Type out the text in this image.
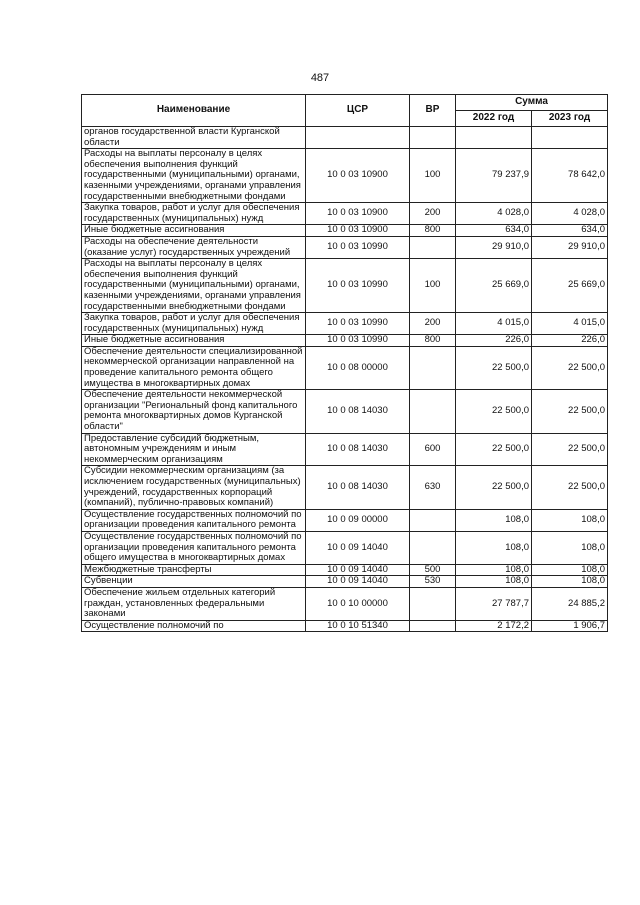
487
Наименование	ЦСР	ВР	Сумма	
			2022 год	2023 год
органов государственной власти Курганской области				
Расходы на выплаты персоналу в целях обеспечения выполнения функций государственными (муниципальными) органами, казенными учреждениями, органами управления государственными внебюджетными фондами	10 0 03 10900	100	79 237,9	78 642,0
Закупка товаров, работ и услуг для обеспечения государственных (муниципальных) нужд	10 0 03 10900	200	4 028,0	4 028,0
Иные бюджетные ассигнования	10 0 03 10900	800	634,0	634,0
Расходы на обеспечение деятельности (оказание услуг) государственных учреждений	10 0 03 10990		29 910,0	29 910,0
Расходы на выплаты персоналу в целях обеспечения выполнения функций государственными (муниципальными) органами, казенными учреждениями, органами управления государственными внебюджетными фондами	10 0 03 10990	100	25 669,0	25 669,0
Закупка товаров, работ и услуг для обеспечения государственных (муниципальных) нужд	10 0 03 10990	200	4 015,0	4 015,0
Иные бюджетные ассигнования	10 0 03 10990	800	226,0	226,0
Обеспечение деятельности специализированной некоммерческой организации направленной на проведение капитального ремонта общего имущества в многоквартирных домах	10 0 08 00000		22 500,0	22 500,0
Обеспечение деятельности некоммерческой организации "Региональный фонд капитального ремонта многоквартирных домов Курганской области"	10 0 08 14030		22 500,0	22 500,0
Предоставление субсидий бюджетным, автономным учреждениям и иным некоммерческим организациям	10 0 08 14030	600	22 500,0	22 500,0
Субсидии некоммерческим организациям (за исключением государственных (муниципальных) учреждений, государственных корпораций (компаний), публично-правовых компаний)	10 0 08 14030	630	22 500,0	22 500,0
Осуществление государственных полномочий по организации проведения капитального ремонта	10 0 09 00000		108,0	108,0
Осуществление государственных полномочий по организации проведения капитального ремонта общего имущества в многоквартирных домах	10 0 09 14040		108,0	108,0
Межбюджетные трансферты	10 0 09 14040	500	108,0	108,0
Субвенции	10 0 09 14040	530	108,0	108,0
Обеспечение жильем отдельных категорий граждан, установленных федеральными законами	10 0 10 00000		27 787,7	24 885,2
Осуществление полномочий по	10 0 10 51340		2 172,2	1 906,7
